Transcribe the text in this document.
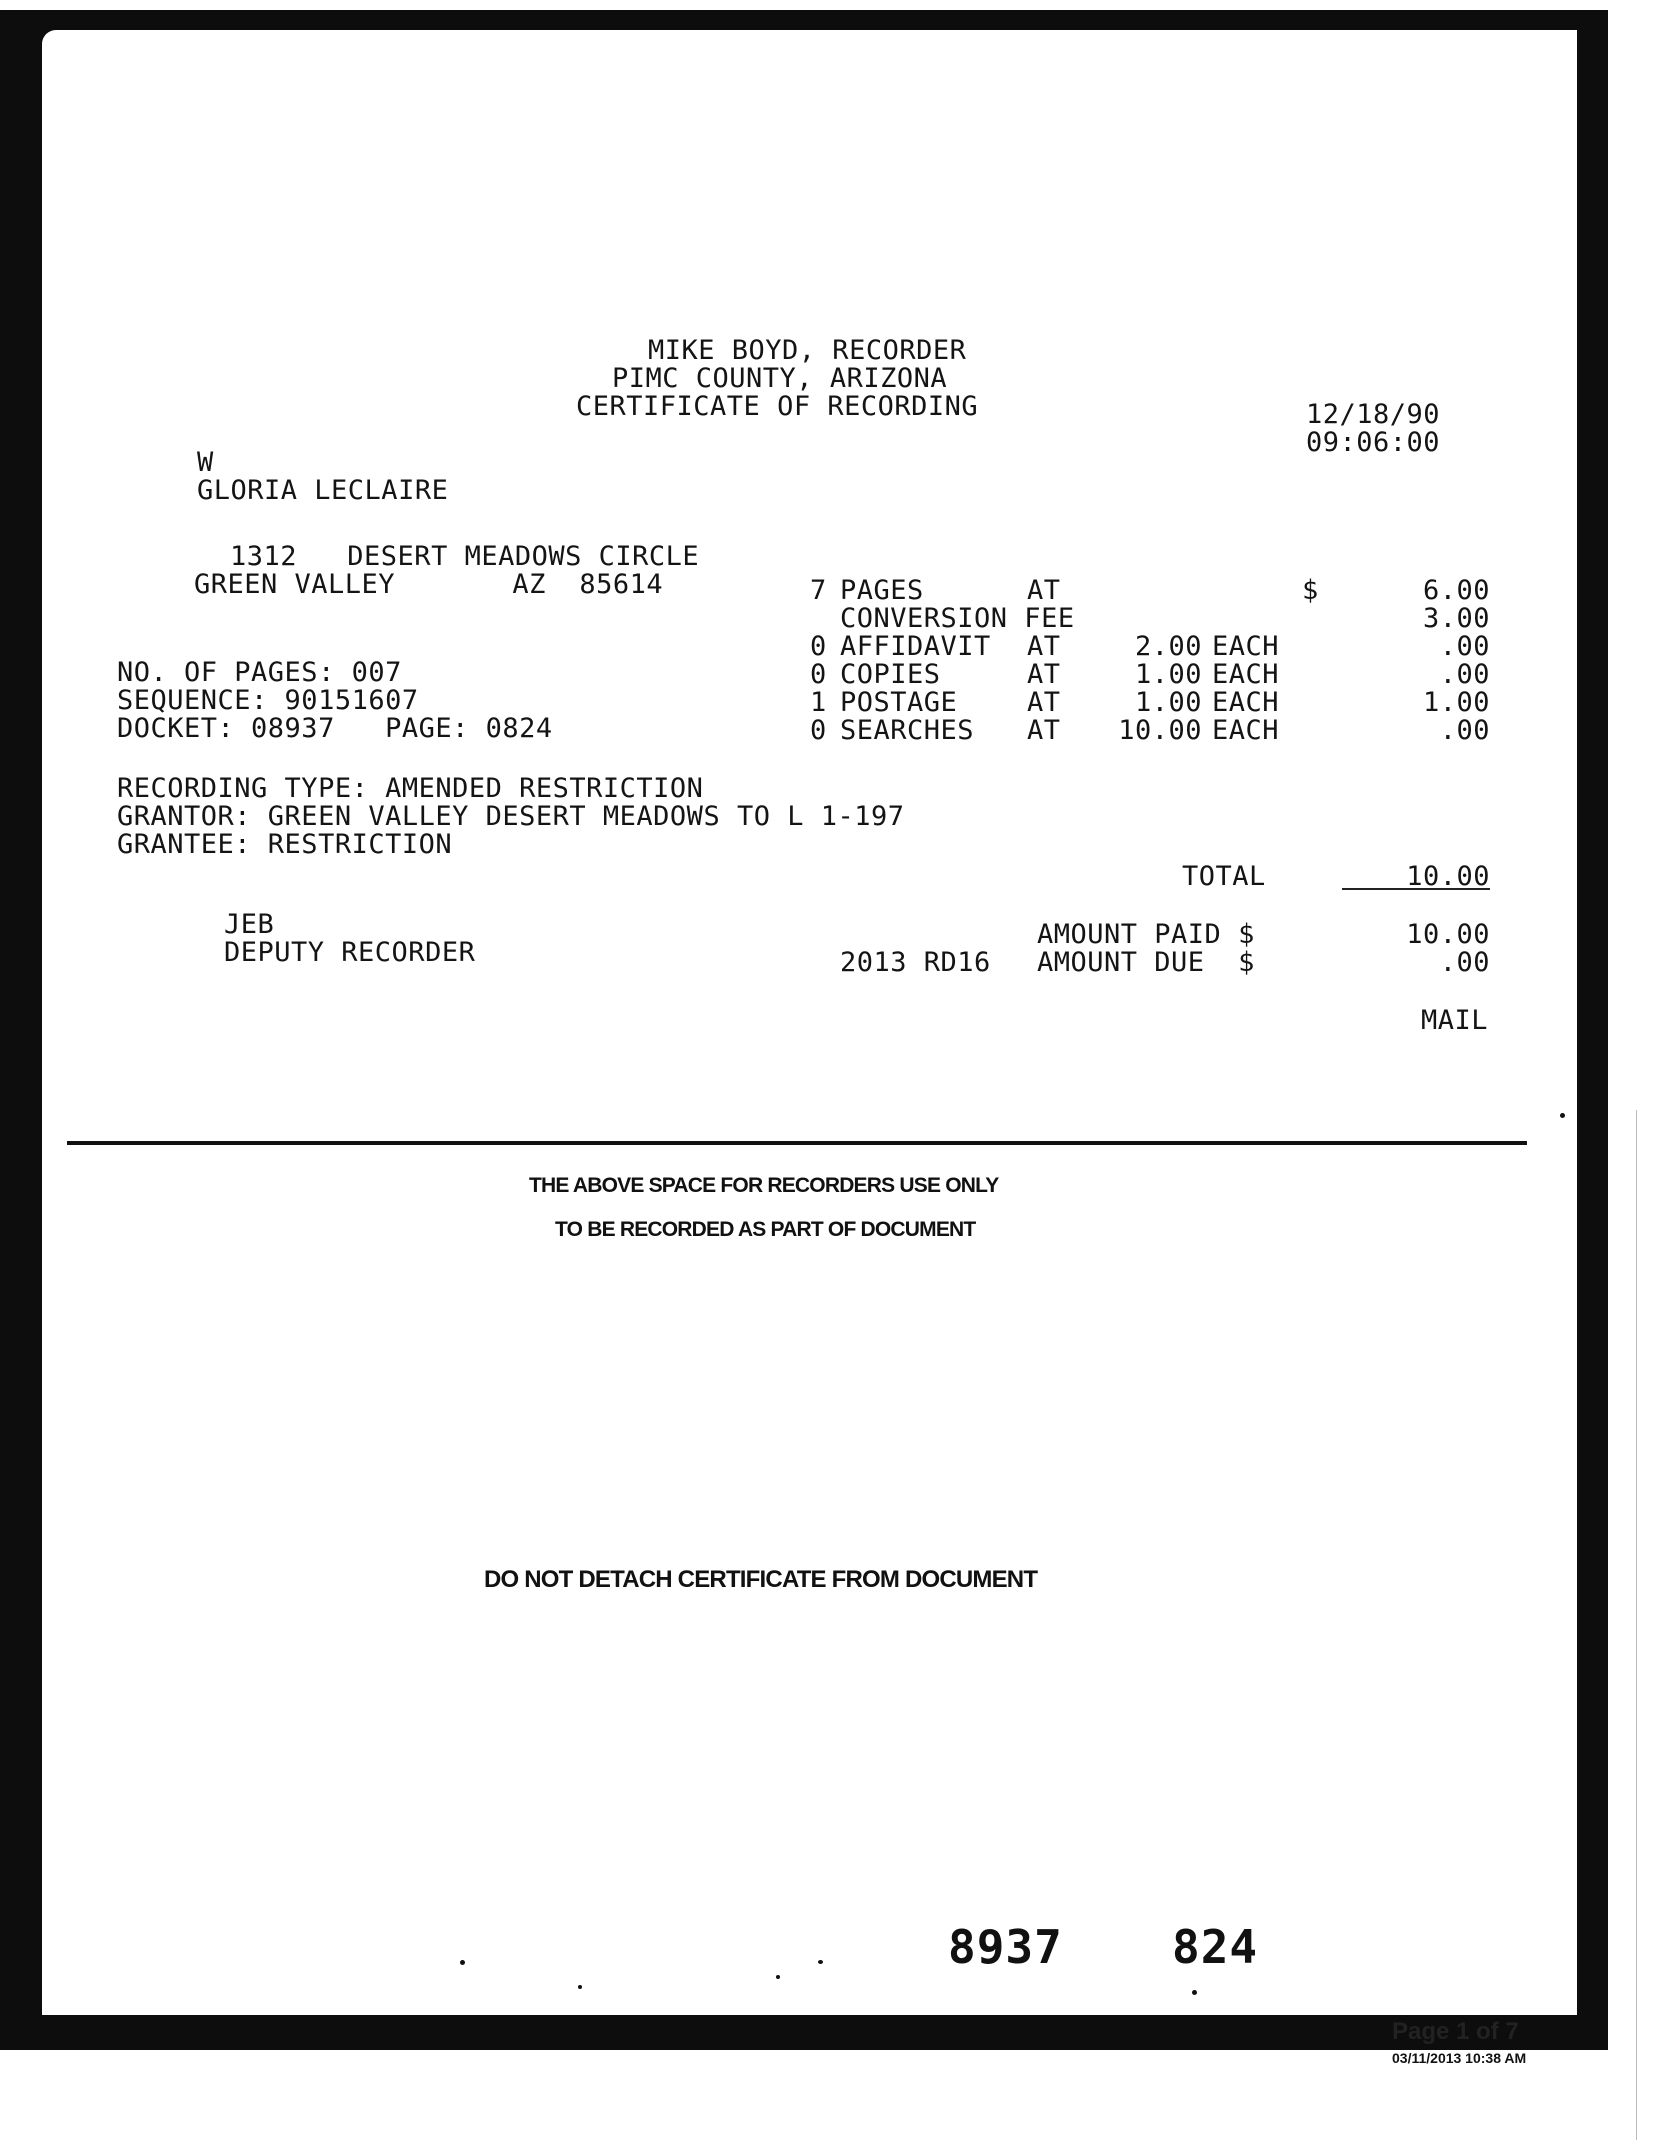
MIKE BOYD, RECORDER
PIMC COUNTY, ARIZONA
CERTIFICATE OF RECORDING	12/18/90
09:06:00
W
GLORIA LECLAIRE
1312   DESERT MEADOWS CIRCLE
GREEN VALLEY       AZ  85614
NO. OF PAGES: 007
SEQUENCE: 90151607
DOCKET: 08937   PAGE: 0824
RECORDING TYPE: AMENDED RESTRICTION
GRANTOR: GREEN VALLEY DESERT MEADOWS TO L 1-197
GRANTEE: RESTRICTION
$
7 PAGES	AT	6.00
CONVERSION FEE	3.00
0 AFFIDAVIT AT	2.00 EACH	.00
0 COPIES	AT	1.00 EACH	.00
1 POSTAGE	AT	1.00 EACH	1.00
0 SEARCHES AT	10.00 EACH	.00
TOTAL	10.00
JEB
DEPUTY RECORDER
AMOUNT PAID $	10.00
2013 RD16 AMOUNT DUE  $	.00
MAIL
THE ABOVE SPACE FOR RECORDERS USE ONLY
TO BE RECORDED AS PART OF DOCUMENT
DO NOT DETACH CERTIFICATE FROM DOCUMENT
8937 824
Page 1 of 7
03/11/2013 10:38 AM
